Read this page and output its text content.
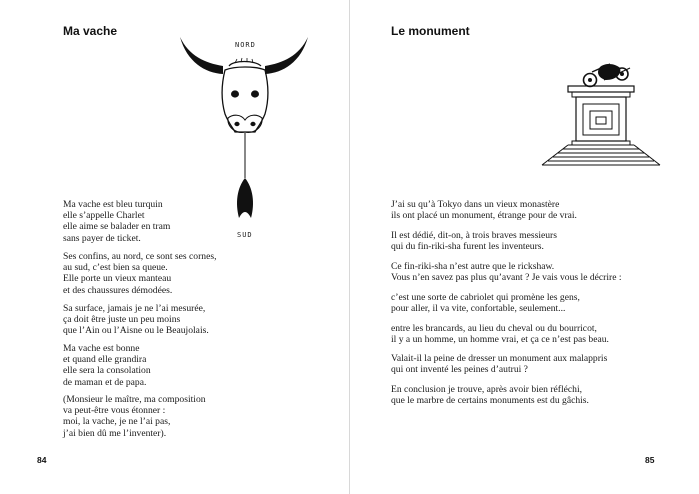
Ma vache
NORD
SUD
Ma vache est bleu turquin
elle s’appelle Charlet
elle aime se balader en tram
sans payer de ticket.
Ses confins, au nord, ce sont ses cornes,
au sud, c’est bien sa queue.
Elle porte un vieux manteau
et des chaussures démodées.
Sa surface, jamais je ne l’ai mesurée,
ça doit être juste un peu moins
que l’Ain ou l’Aisne ou le Beaujolais.
Ma vache est bonne
et quand elle grandira
elle sera la consolation
de maman et de papa.
(Monsieur le maître, ma composition
va peut-être vous étonner :
moi, la vache, je ne l’ai pas,
j’ai bien dû me l’inventer).
84
Le monument
J’ai su qu’à Tokyo dans un vieux monastère
ils ont placé un monument, étrange pour de vrai.
Il est dédié, dit-on, à trois braves messieurs
qui du fin-riki-sha furent les inventeurs.
Ce fin-riki-sha n’est autre que le rickshaw.
Vous n’en savez pas plus qu’avant ? Je vais vous le décrire :
c’est une sorte de cabriolet qui promène les gens,
pour aller, il va vite, confortable, seulement...
entre les brancards, au lieu du cheval ou du bourricot,
il y a un homme, un homme vrai, et ça ce n’est pas beau.
Valait-il la peine de dresser un monument aux malappris
qui ont inventé les peines d’autrui ?
En conclusion je trouve, après avoir bien réfléchi,
que le marbre de certains monuments est du gâchis.
85
